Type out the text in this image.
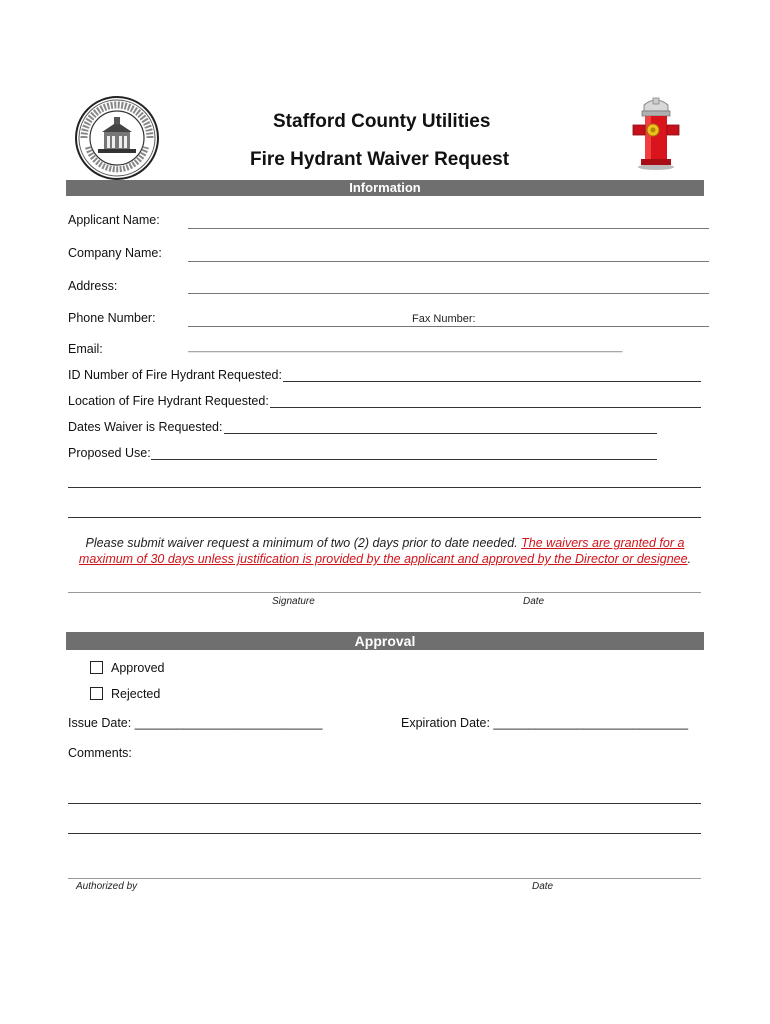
Stafford County Utilities
Fire Hydrant Waiver Request
Information
Applicant Name:
Company Name:
Address:
Phone Number:	Fax Number:
Email:	_______________________________________________________________________
ID Number of Fire Hydrant Requested:
Location of Fire Hydrant Requested:
Dates Waiver is Requested:
Proposed Use:
Please submit waiver request a minimum of two (2) days prior to date needed. The waivers are granted for a maximum of 30 days unless justification is provided by the applicant and approved by the Director or designee.
Signature	Date
Approval
Approved
Rejected
Issue Date: ___________________________	Expiration Date: ____________________________
Comments:
Authorized by	Date
